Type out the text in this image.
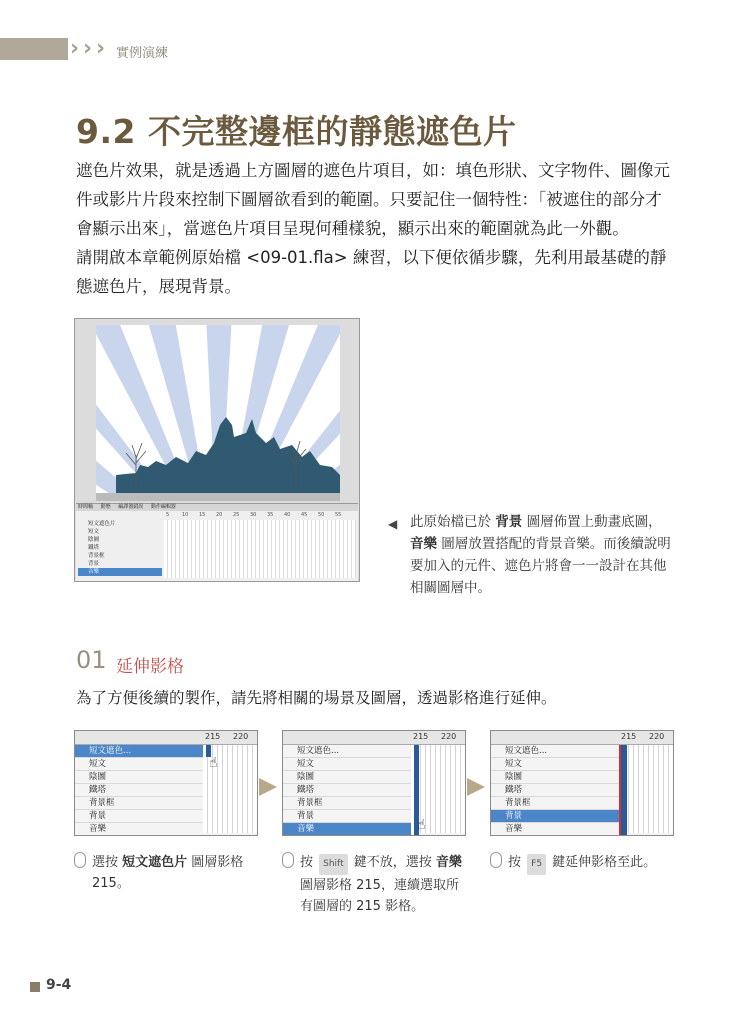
› › › 實例演練
9.2 不完整邊框的靜態遮色片
遮色片效果，就是透過上方圖層的遮色片項目，如：填色形狀、文字物件、圖像元件或影片片段來控制下圖層欲看到的範圍。只要記住一個特性：「被遮住的部分才會顯示出來」，當遮色片項目呈現何種樣貌，顯示出來的範圍就為此一外觀。
請開啟本章範例原始檔 <09-01.fla> 練習，以下便依循步驟，先利用最基礎的靜態遮色片，展現背景。
時間軸 動態 編譯器錯誤 動作編輯器
5	10 15 20 25 30 35 40 45 50 55
短文遮色片
短文
陰圖
鐵塔
背景框
背景
音樂
◀ 此原始檔已於 背景 圖層佈置上動畫底圖，音樂 圖層放置搭配的背景音樂。而後續說明要加入的元件、遮色片將會一一設計在其他相關圖層中。
01 延伸影格
為了方便後續的製作，請先將相關的場景及圖層，透過影格進行延伸。
215 220
短文遮色...
短文
陰圖
鐵塔
背景框
背景
音樂
☝
215 220
短文遮色...
短文
陰圖
鐵塔
背景框
背景
音樂	☝
215 220
短文遮色...
短文
陰圖
鐵塔
背景框
背景
音樂
選按 短文遮色片 圖層影格
215。
按 Shift 鍵不放，選按 音樂
圖層影格 215，連續選取所
有圖層的 215 影格。
按 F5 鍵延伸影格至此。
9-4
